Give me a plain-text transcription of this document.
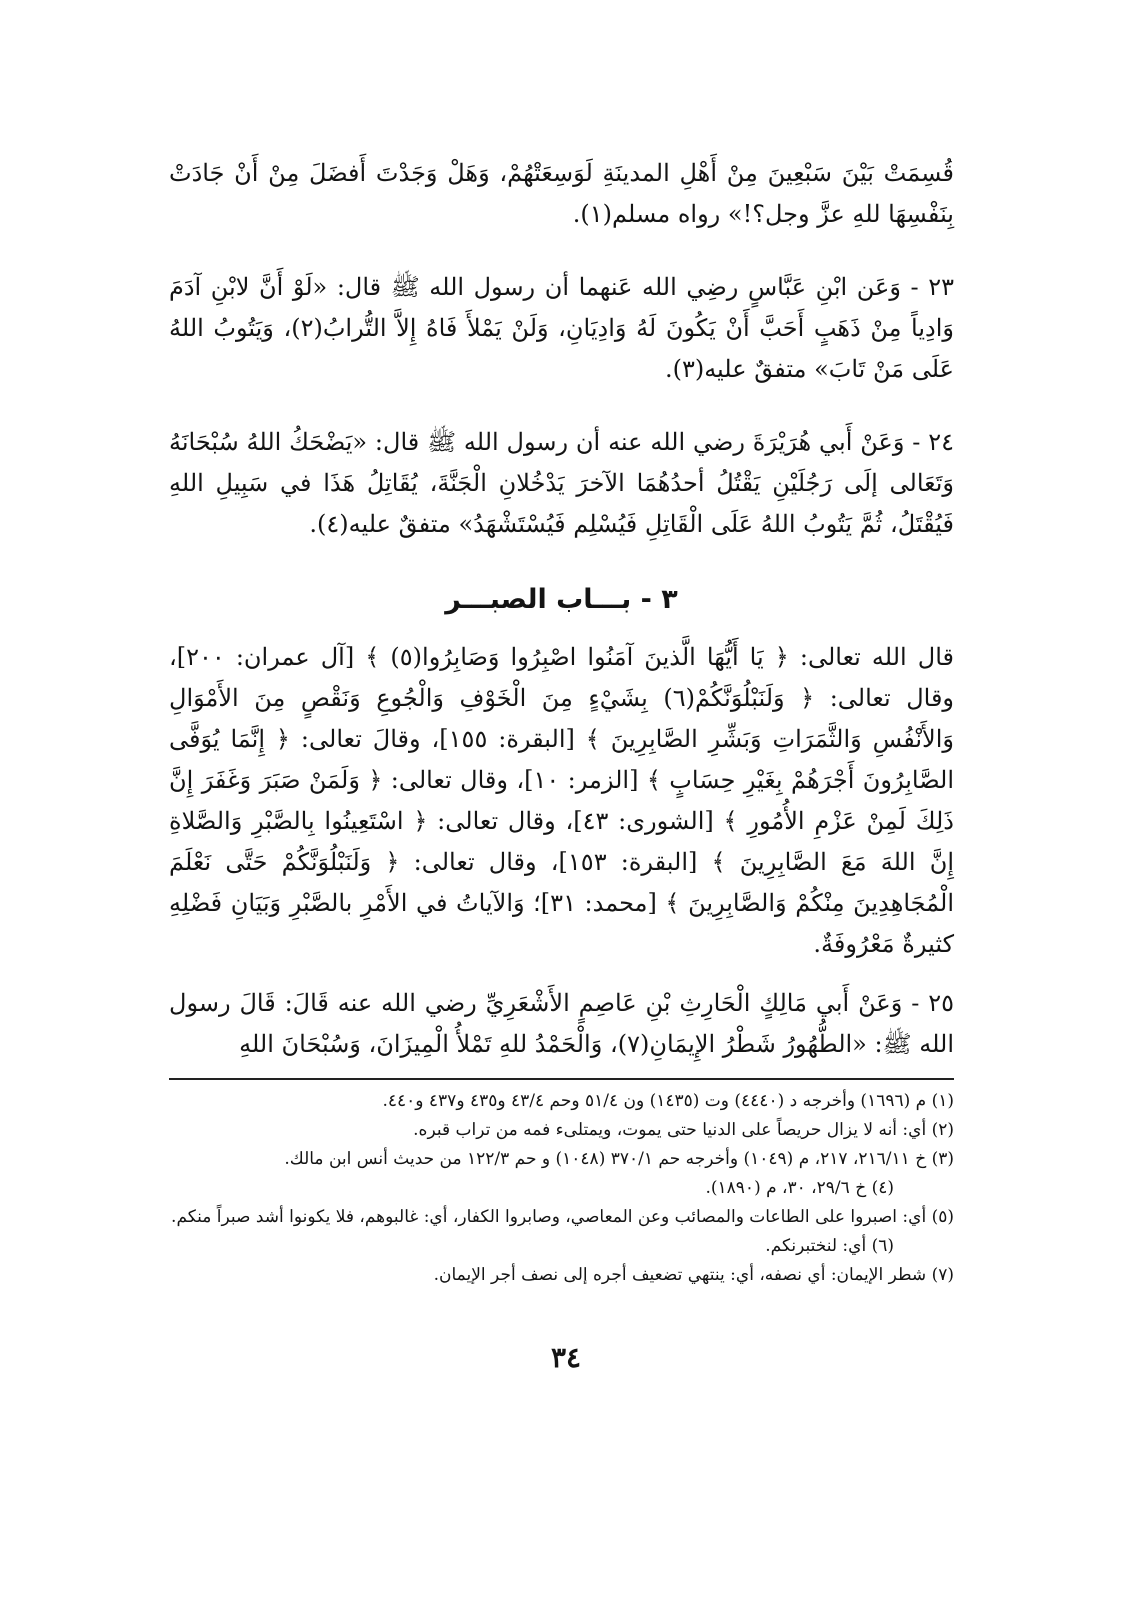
قُسِمَتْ بَيْنَ سَبْعِينَ مِنْ أَهْلِ المدينَةِ لَوَسِعَتْهُمْ، وَهَلْ وَجَدْتَ أَفضَلَ مِنْ أَنْ جَادَتْ بِنَفْسِهَا للهِ عزَّ وجل؟!» رواه مسلم(١).
٢٣ - وَعَن ابْنِ عَبَّاسٍ رضِي الله عَنهما أن رسول الله ﷺ قال: «لَوْ أَنَّ لابْنِ آدَمَ وَادِياً مِنْ ذَهَبٍ أَحَبَّ أَنْ يَكُونَ لَهُ وَادِيَانِ، وَلَنْ يَمْلأَ فَاهُ إِلاَّ التُّرابُ(٢)، وَيَتُوبُ اللهُ عَلَى مَنْ تَابَ» متفقٌ عليه(٣).
٢٤ - وَعَنْ أَبي هُرَيْرَةَ رضي الله عنه أن رسول الله ﷺ قال: «يَضْحَكُ اللهُ سُبْحَانَهُ وَتَعَالى إلَى رَجُلَيْنِ يَقْتُلُ أحدُهُمَا الآخرَ يَدْخُلانِ الْجَنَّةَ، يُقَاتِلُ هَذَا في سَبِيلِ اللهِ فَيُقْتَلُ، ثُمَّ يَتُوبُ اللهُ عَلَى الْقَاتِلِ فَيُسْلِم فَيُسْتَشْهَدُ» متفقٌ عليه(٤).
٣ - بـــاب الصبـــر
قال الله تعالى: ﴿ يَا أَيُّهَا الَّذينَ آمَنُوا اصْبِرُوا وَصَابِرُوا(٥) ﴾ [آل عمران: ٢٠٠]، وقال تعالى: ﴿ وَلَنَبْلُوَنَّكُمْ(٦) بِشَيْءٍ مِنَ الْخَوْفِ وَالْجُوعِ وَنَقْصٍ مِنَ الأَمْوَالِ وَالأَنْفُسِ وَالثَّمَرَاتِ وَبَشِّرِ الصَّابِرِينَ ﴾ [البقرة: ١٥٥]، وقالَ تعالى: ﴿ إِنَّمَا يُوَفَّى الصَّابِرُونَ أَجْرَهُمْ بِغَيْرِ حِسَابٍ ﴾ [الزمر: ١٠]، وقال تعالى: ﴿ وَلَمَنْ صَبَرَ وَغَفَرَ إِنَّ ذَلِكَ لَمِنْ عَزْمِ الأُمُورِ ﴾ [الشورى: ٤٣]، وقال تعالى: ﴿ اسْتَعِينُوا بِالصَّبْرِ وَالصَّلاةِ إِنَّ اللهَ مَعَ الصَّابِرِينَ ﴾ [البقرة: ١٥٣]، وقال تعالى: ﴿ وَلَنَبْلُوَنَّكُمْ حَتَّى نَعْلَمَ الْمُجَاهِدِينَ مِنْكُمْ وَالصَّابِرِينَ ﴾ [محمد: ٣١]؛ وَالآياتُ في الأَمْرِ بالصَّبْرِ وَبَيَانِ فَضْلِهِ كثيرةٌ مَعْرُوفَةٌ.
٢٥ - وَعَنْ أَبي مَالِكٍ الْحَارِثِ بْنِ عَاصِمٍ الأَشْعَرِيِّ رضي الله عنه قَالَ: قَالَ رسول الله ﷺ: «الطُّهُورُ شَطْرُ الإِيمَانِ(٧)، وَالْحَمْدُ للهِ تَمْلأُ الْمِيزَانَ، وَسُبْحَانَ اللهِ
(١) م (١٦٩٦) وأخرجه د (٤٤٤٠) وت (١٤٣٥) ون ٥١/٤ وحم ٤٣/٤ و٤٣٥ و٤٣٧ و٤٤٠.
(٢) أي: أنه لا يزال حريصاً على الدنيا حتى يموت، ويمتلىء فمه من تراب قبره.
(٣) خ ٢١٦/١١، ٢١٧، م (١٠٤٩) وأخرجه حم ٣٧٠/١ (١٠٤٨) و حم ١٢٢/٣ من حديث أنس ابن مالك.
(٤) خ ٢٩/٦، ٣٠، م (١٨٩٠).
(٥) أي: اصبروا على الطاعات والمصائب وعن المعاصي، وصابروا الكفار، أي: غالبوهم، فلا يكونوا أشد صبراً منكم.
(٦) أي: لنختبرنكم.
(٧) شطر الإيمان: أي نصفه، أي: ينتهي تضعيف أجره إلى نصف أجر الإيمان.
٣٤
